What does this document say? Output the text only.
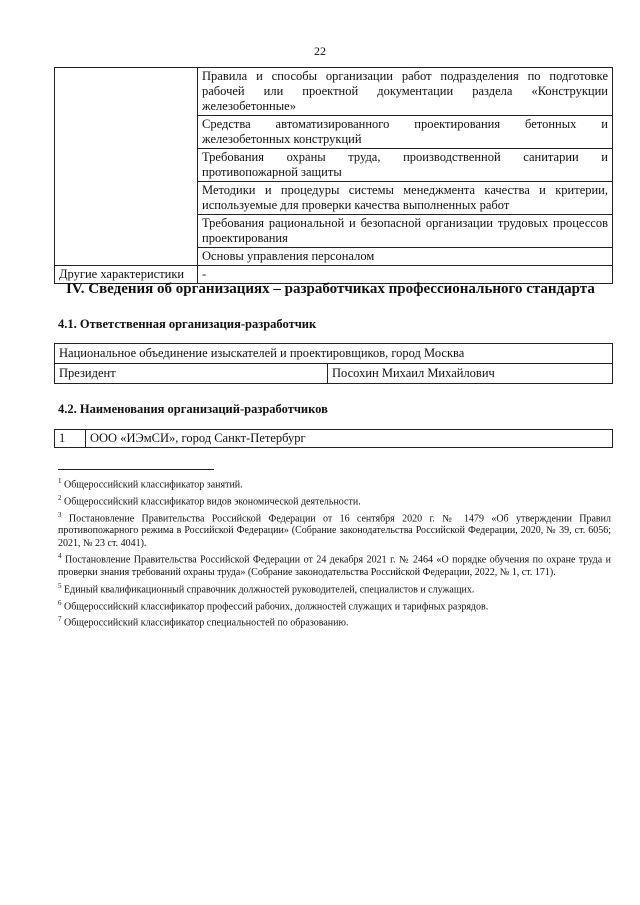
22
	Правила и способы организации работ подразделения по подготовке рабочей или проектной документации раздела «Конструкции железобетонные»
	Средства автоматизированного проектирования бетонных и железобетонных конструкций
	Требования охраны труда, производственной санитарии и противопожарной защиты
	Методики и процедуры системы менеджмента качества и критерии, используемые для проверки качества выполненных работ
	Требования рациональной и безопасной организации трудовых процессов проектирования
	Основы управления персоналом
Другие характеристики	-
IV. Сведения об организациях – разработчиках профессионального стандарта
4.1. Ответственная организация-разработчик
Национальное объединение изыскателей и проектировщиков, город Москва
Президент	Посохин Михаил Михайлович
4.2. Наименования организаций-разработчиков
1	ООО «ИЭмСИ», город Санкт-Петербург

$^1$ Общероссийский классификатор занятий.

$^2$ Общероссийский классификатор видов экономической деятельности.

$^3$ Постановление Правительства Российской Федерации от 16 сентября 2020 г. № 1479 «Об утверждении Правил противопожарного режима в Российской Федерации» (Собрание законодательства Российской Федерации, 2020, № 39, ст. 6056; 2021, № 23 ст. 4041).

$^4$ Постановление Правительства Российской Федерации от 24 декабря 2021 г. № 2464 «О порядке обучения по охране труда и проверки знания требований охраны труда» (Собрание законодательства Российской Федерации, 2022, № 1, ст. 171).

$^5$ Единый квалификационный справочник должностей руководителей, специалистов и служащих.

$^6$ Общероссийский классификатор профессий рабочих, должностей служащих и тарифных разрядов.

$^7$ Общероссийский классификатор специальностей по образованию.
